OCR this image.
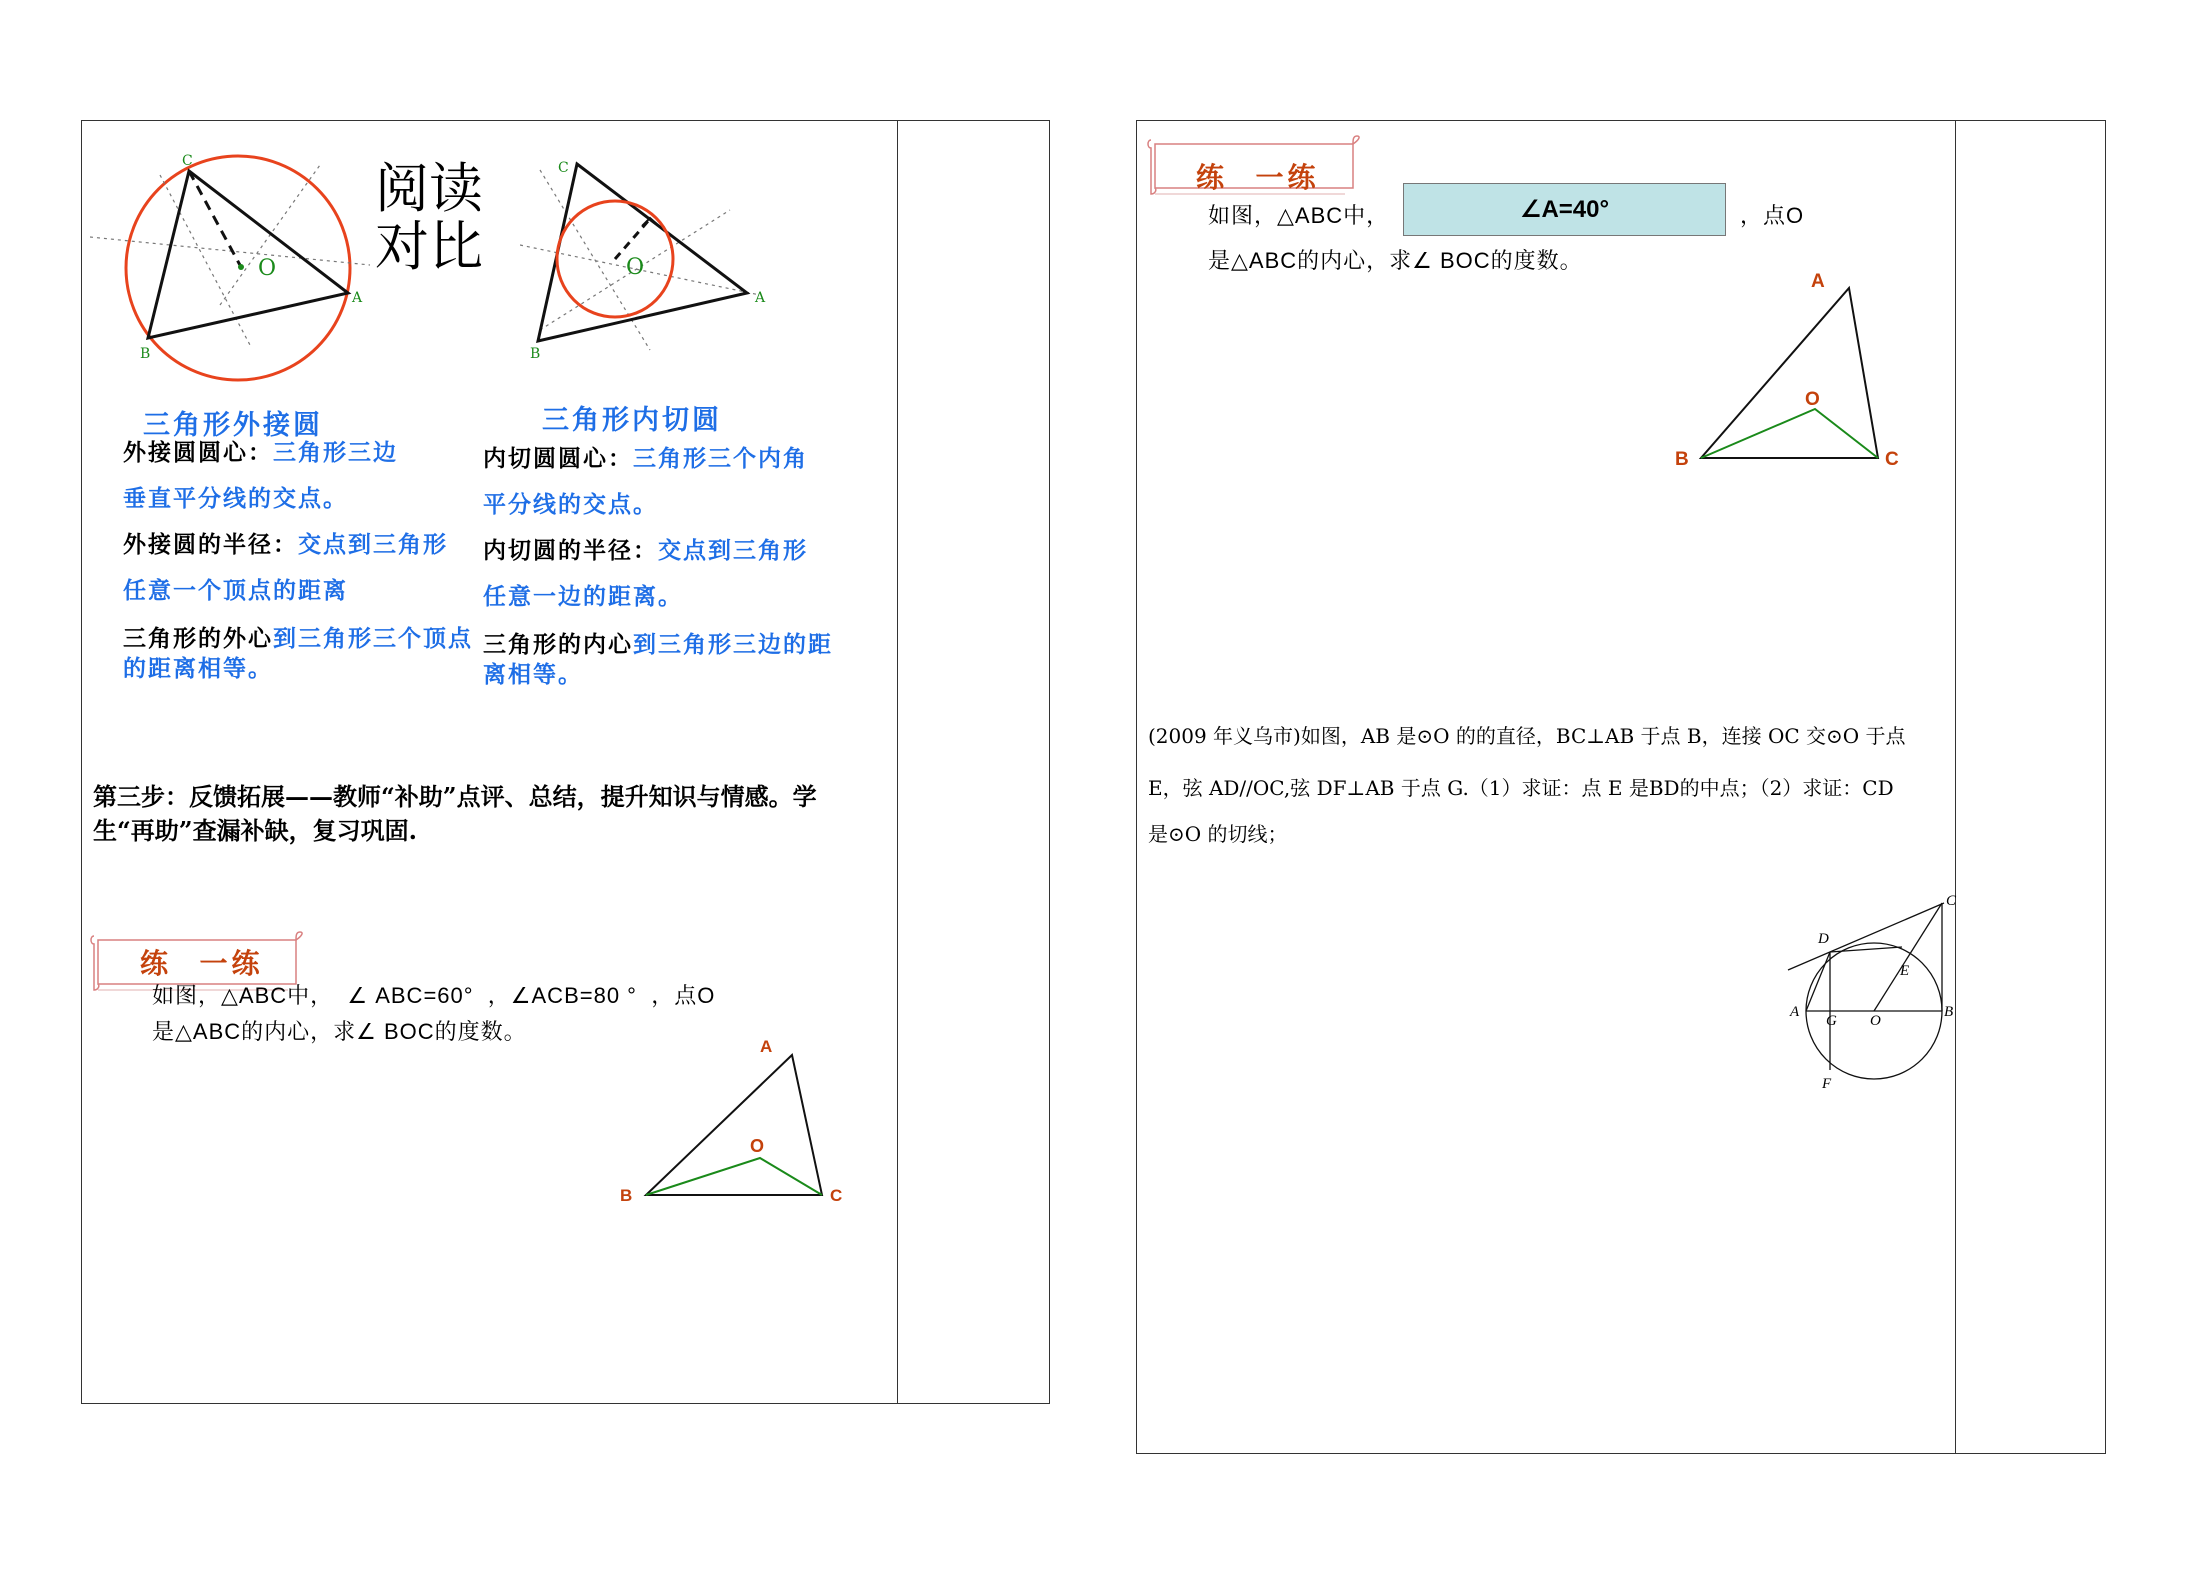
C
A
B
O
阅读
对比
C
A
B
O
三角形外接圆
外接圆圆心：三角形三边
垂直平分线的交点。
外接圆的半径：交点到三角形
任意一个顶点的距离
三角形的外心到三角形三个顶点
的距离相等。
三角形内切圆
内切圆圆心：三角形三个内角
平分线的交点。
内切圆的半径：交点到三角形
任意一边的距离。
三角形的内心到三角形三边的距
离相等。
第三步：反馈拓展——教师“补助”点评、总结，提升知识与情感。学
生“再助”查漏补缺，复习巩固.
练  一练
如图，△ABC中，  ∠ ABC=60°  ，∠ACB=80 °  ，点O
是△ABC的内心，求∠ BOC的度数。
A
B	C
O
练  一练
如图，△ABC中，	∠A=40°	，点O
是△ABC的内心，求∠ BOC的度数。
A
B	C
O
(2009 年义乌市)如图，AB 是⊙O 的的直径，BC⊥AB 于点 B，连接 OC 交⊙O 于点
E，弦 AD//OC,弦 DF⊥AB 于点 G.（1）求证：点 E 是BD的中点；（2）求证：CD
是⊙O 的切线；
C
D
E
A
G O
B
F
